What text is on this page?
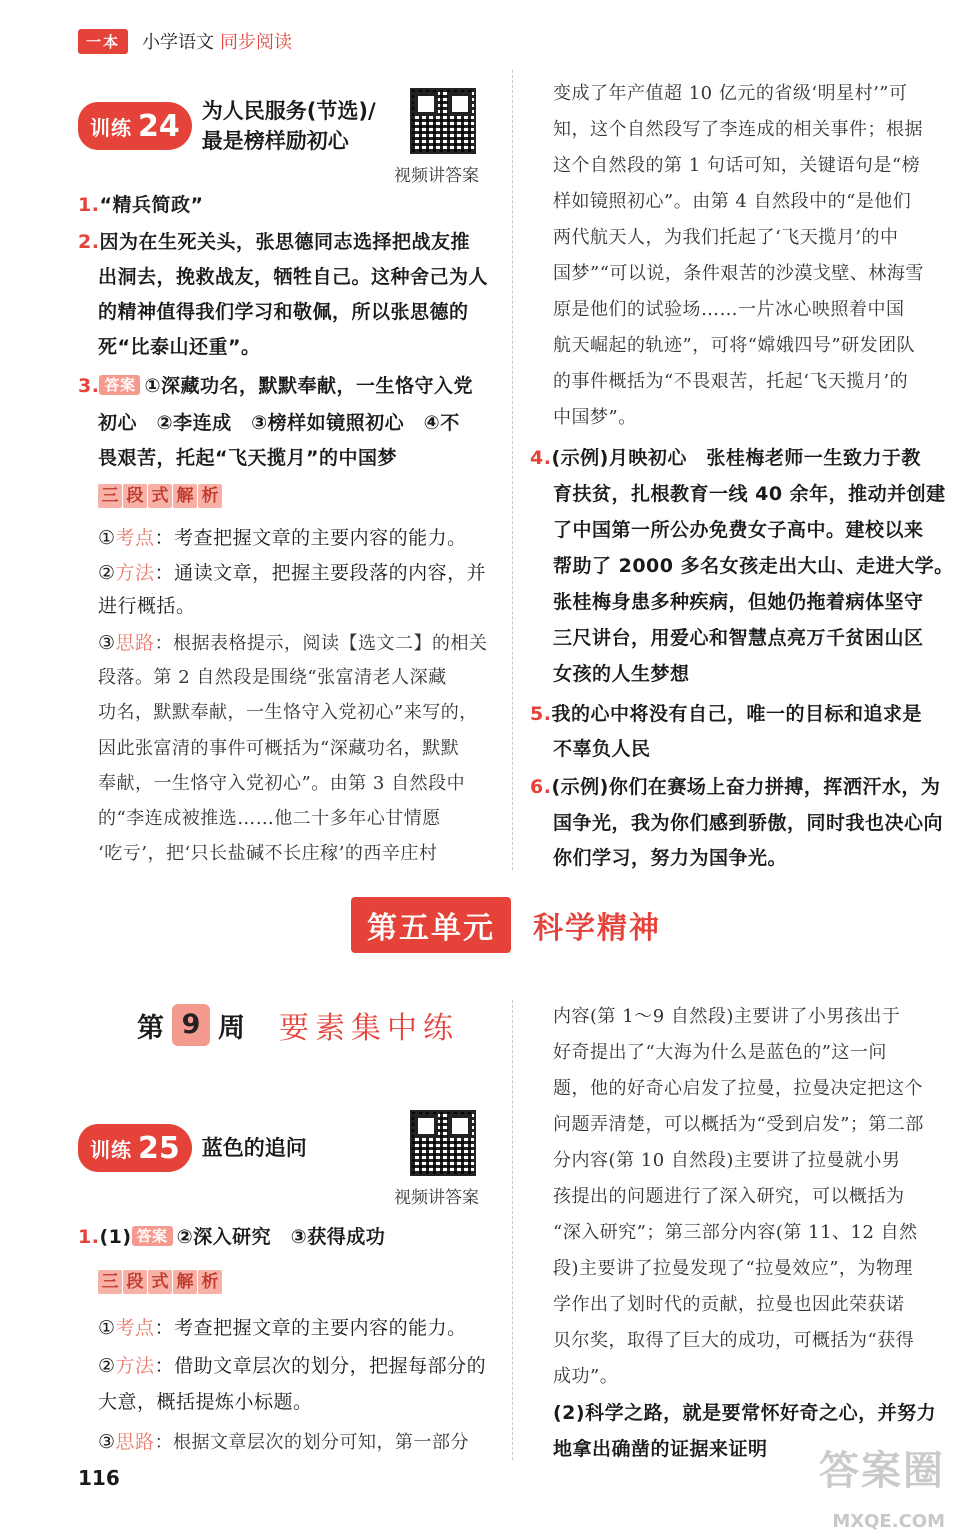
一本	小学语文 同步阅读
训练 24 为人民服务(节选)/
最是榜样励初心
视频讲答案
1.“精兵简政”
2.因为在生死关头，张思德同志选择把战友推
出洞去，挽救战友，牺牲自己。这种舍己为人
的精神值得我们学习和敬佩，所以张思德的
死“比泰山还重”。
3. 答案 ①深藏功名，默默奉献，一生恪守入党
初心　②李连成　③榜样如镜照初心　④不
畏艰苦，托起“飞天揽月”的中国梦
三 段 式 解 析
①考点：考查把握文章的主要内容的能力。
②方法：通读文章，把握主要段落的内容，并
进行概括。
③思路：根据表格提示，阅读【选文二】的相关
段落。第 2 自然段是围绕“张富清老人深藏
功名，默默奉献，一生恪守入党初心”来写的，
因此张富清的事件可概括为“深藏功名，默默
奉献，一生恪守入党初心”。由第 3 自然段中
的“李连成被推选……他二十多年心甘情愿
‘吃亏’，把‘只长盐碱不长庄稼’的西辛庄村
变成了年产值超 10 亿元的省级‘明星村’”可
知，这个自然段写了李连成的相关事件；根据
这个自然段的第 1 句话可知，关键语句是“榜
样如镜照初心”。由第 4 自然段中的“是他们
两代航天人，为我们托起了‘飞天揽月’的中
国梦”“可以说，条件艰苦的沙漠戈壁、林海雪
原是他们的试验场……一片冰心映照着中国
航天崛起的轨迹”，可将“嫦娥四号”研发团队
的事件概括为“不畏艰苦，托起‘飞天揽月’的
中国梦”。
4.(示例)月映初心　张桂梅老师一生致力于教
育扶贫，扎根教育一线 40 余年，推动并创建
了中国第一所公办免费女子高中。建校以来
帮助了 2000 多名女孩走出大山、走进大学。
张桂梅身患多种疾病，但她仍拖着病体坚守
三尺讲台，用爱心和智慧点亮万千贫困山区
女孩的人生梦想
5.我的心中将没有自己，唯一的目标和追求是
不辜负人民
6.(示例)你们在赛场上奋力拼搏，挥洒汗水，为
国争光，我为你们感到骄傲，同时我也决心向
你们学习，努力为国争光。
第五单元	科学精神
第 9 周 要素集中练
训练 25 蓝色的追问
视频讲答案
1.(1) 答案 ②深入研究　③获得成功
三 段 式 解 析
①考点：考查把握文章的主要内容的能力。
②方法：借助文章层次的划分，把握每部分的
大意，概括提炼小标题。
③思路：根据文章层次的划分可知，第一部分
内容(第 1～9 自然段)主要讲了小男孩出于
好奇提出了“大海为什么是蓝色的”这一问
题，他的好奇心启发了拉曼，拉曼决定把这个
问题弄清楚，可以概括为“受到启发”；第二部
分内容(第 10 自然段)主要讲了拉曼就小男
孩提出的问题进行了深入研究，可以概括为
“深入研究”；第三部分内容(第 11、12 自然
段)主要讲了拉曼发现了“拉曼效应”，为物理
学作出了划时代的贡献，拉曼也因此荣获诺
贝尔奖，取得了巨大的成功，可概括为“获得
成功”。
(2)科学之路，就是要常怀好奇之心，并努力
地拿出确凿的证据来证明
116	答案圈
MXQE.COM
